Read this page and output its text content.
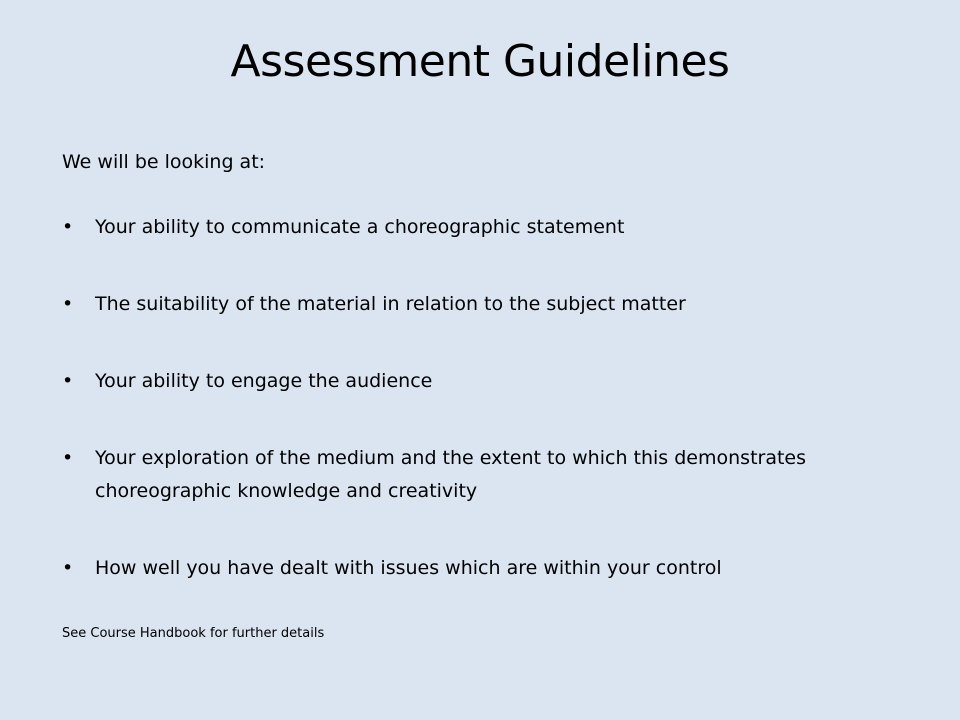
Assessment Guidelines
We will be looking at:
• Your ability to communicate a choreographic statement
• The suitability of the material in relation to the subject matter
• Your ability to engage the audience
• Your exploration of the medium and the extent to which this demonstrates choreographic knowledge and creativity
• How well you have dealt with issues which are within your control
See Course Handbook for further details
